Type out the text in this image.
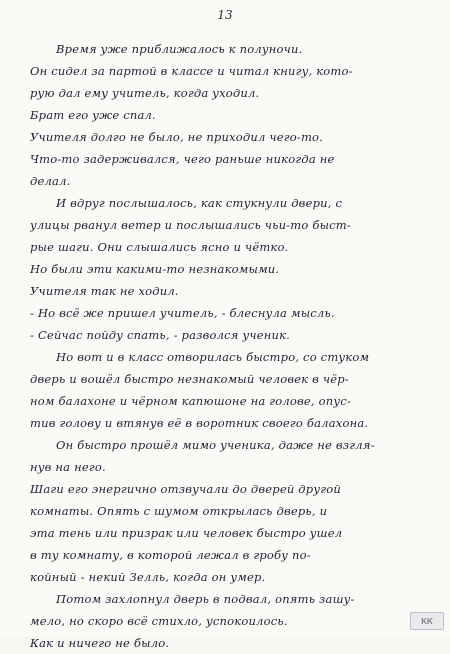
13
Время уже приближалось к полуночи.
Он сидел за партой в классе и читал книгу, кото-
рую дал ему учитель, когда уходил.
Брат его уже спал.
Учителя долго не было, не приходил чего-то.
Что-то задерживался, чего раньше никогда не
делал.
И вдруг послышалось, как стукнули двери, с
улицы рванул ветер и послышались чьи-то быст-
рые шаги. Они слышались ясно и чётко.
Но были эти какими-то незнакомыми.
Учителя так не ходил.
- Но всё же пришел учитель, - блеснула мысль.
- Сейчас пойду спать, - разволся ученик.
Но вот и в класс отворилась быстро, со стуком
дверь и вошёл быстро незнакомый человек в чёр-
ном балахоне и чёрном капюшоне на голове, опус-
тив голову и втянув её в воротник своего балахона.
Он быстро прошёл мимо ученика, даже не взгля-
нув на него.
Шаги его энергично отзвучали до дверей другой
комнаты. Опять с шумом открылась дверь, и
эта тень или призрак или человек быстро ушел
в ту комнату, в которой лежал в гробу по-
койный - некий Зелль, когда он умер.
Потом захлопнул дверь в подвал, опять зашу-
мело, но скоро всё стихло, успокоилось.
Как и ничего не было.
KK
